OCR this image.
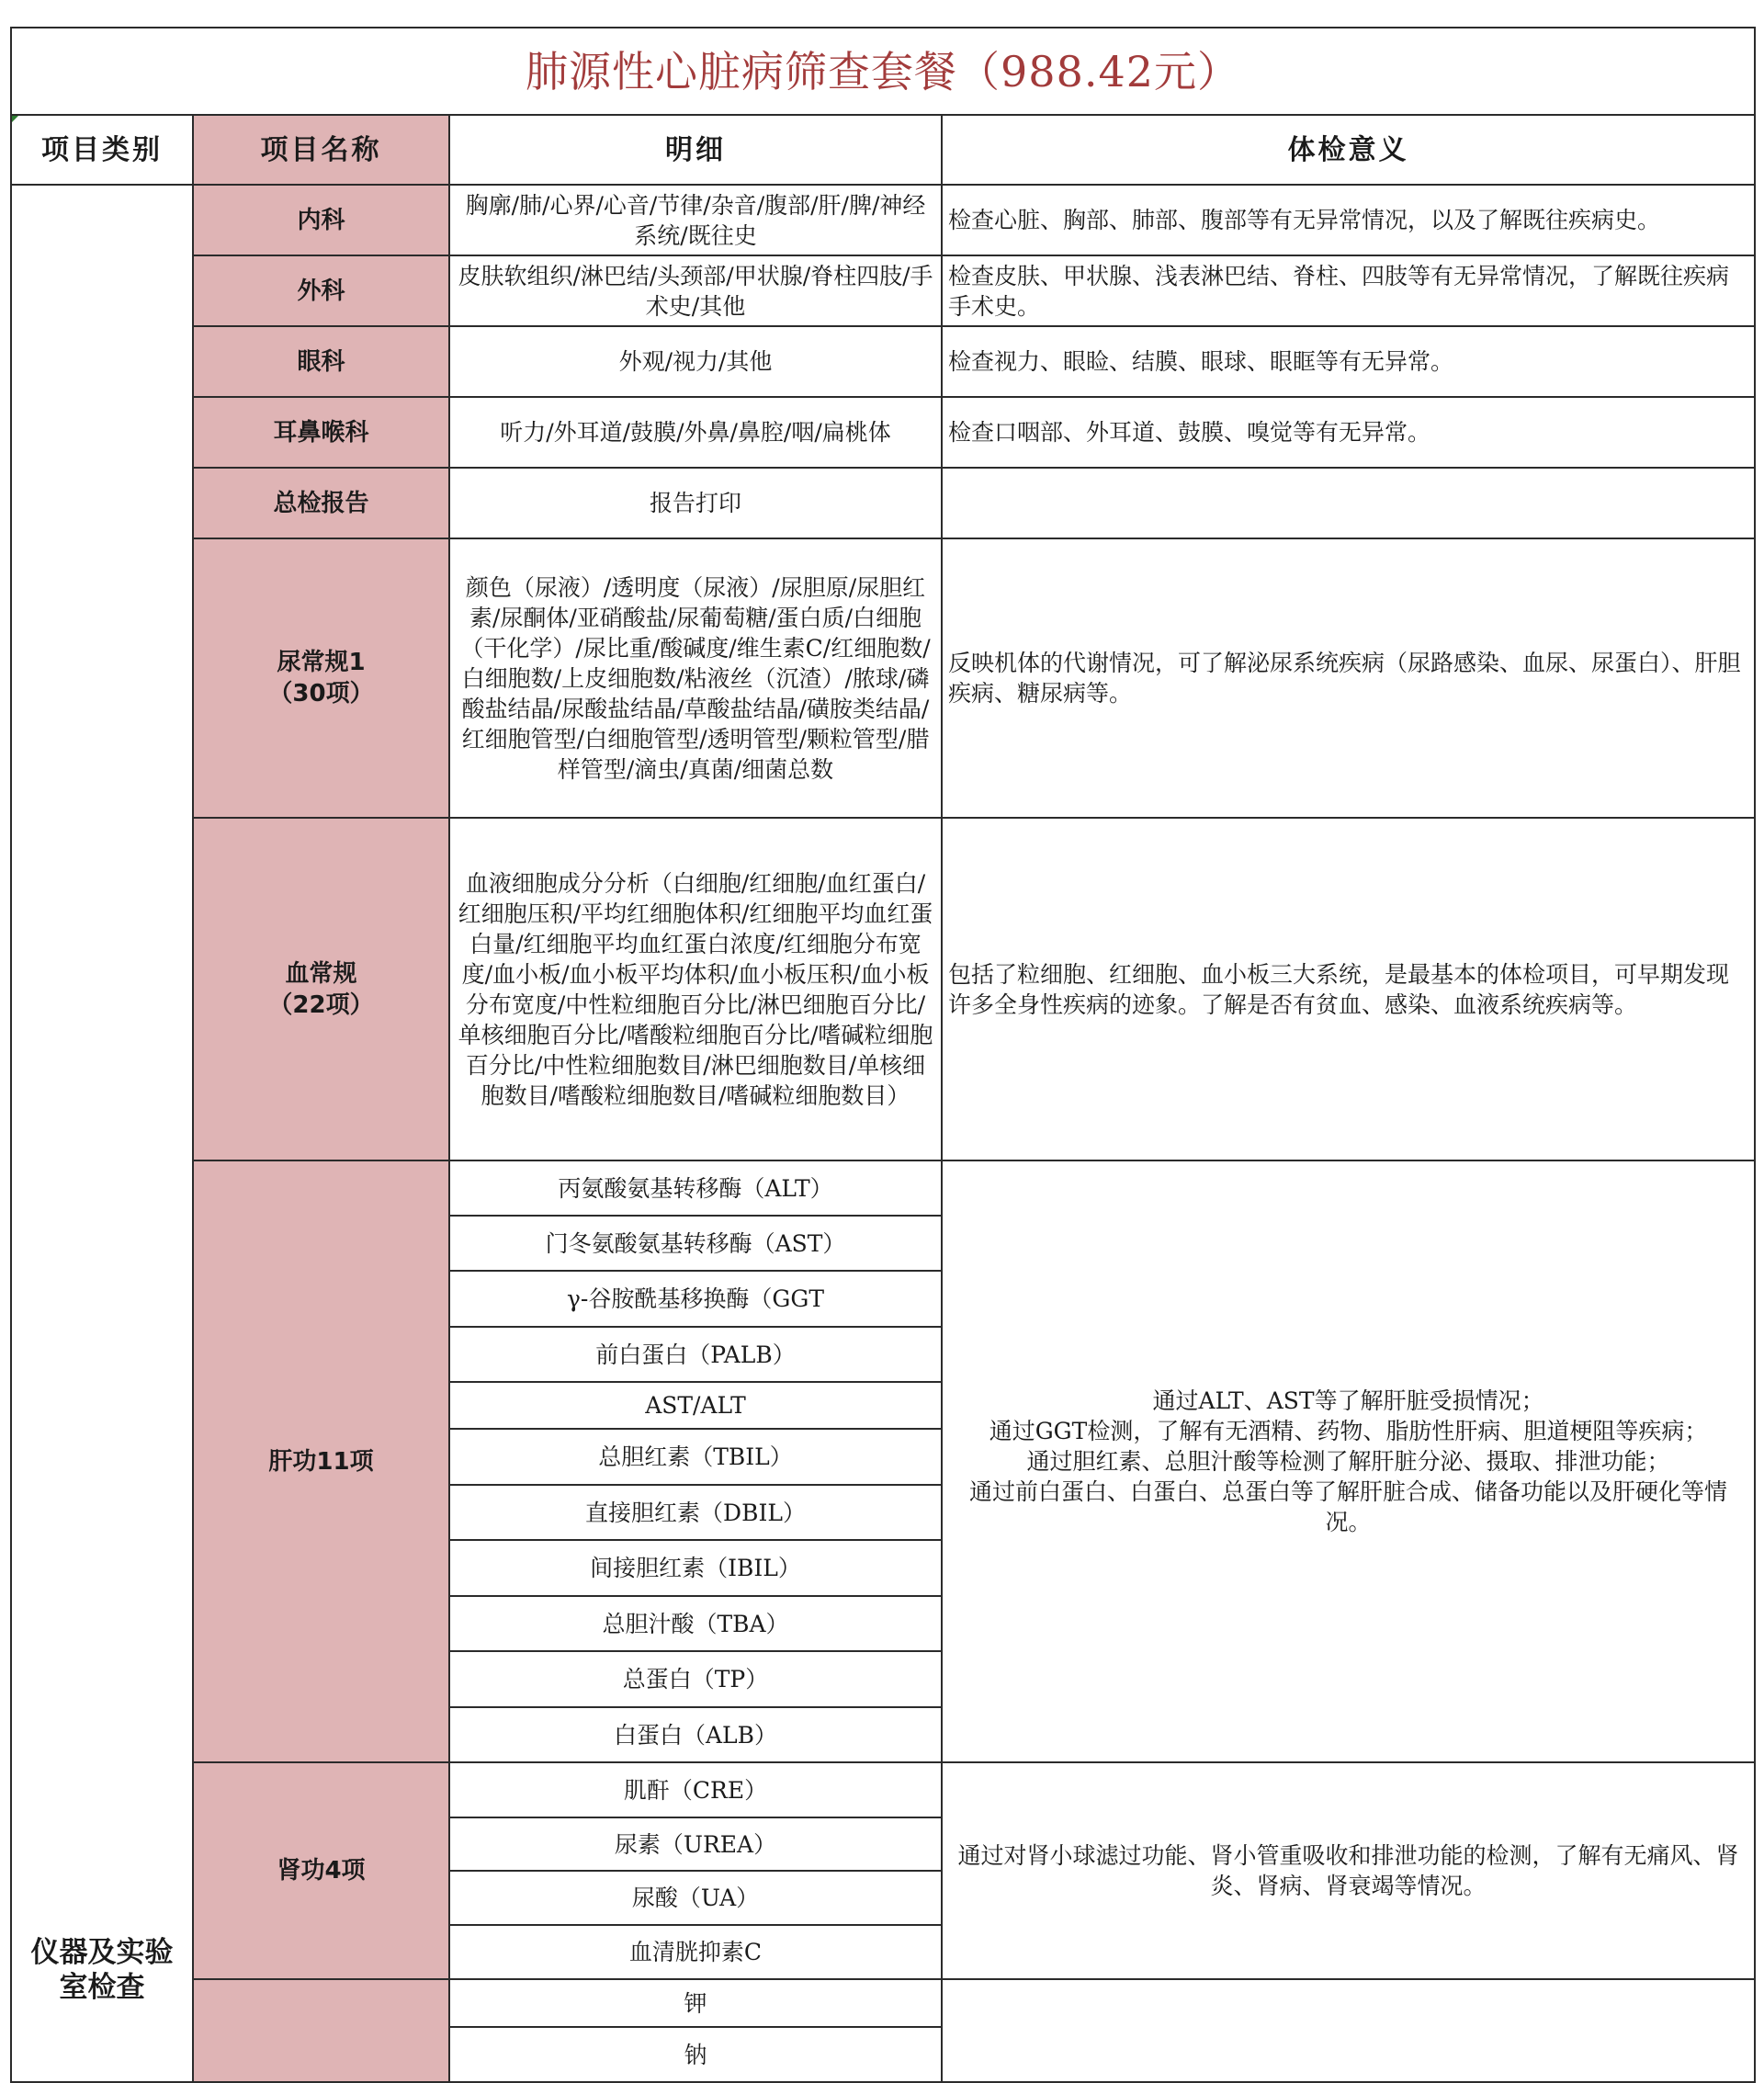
肺源性心脏病筛查套餐（988.42元）			
项目类别	项目名称	明细	体检意义
仪器及实验室检查	内科	胸廓/肺/心界/心音/节律/杂音/腹部/肝/脾/神经系统/既往史	检查心脏、胸部、肺部、腹部等有无异常情况，以及了解既往疾病史。
	外科	皮肤软组织/淋巴结/头颈部/甲状腺/脊柱四肢/手术史/其他	检查皮肤、甲状腺、浅表淋巴结、脊柱、四肢等有无异常情况，了解既往疾病手术史。
	眼科	外观/视力/其他	检查视力、眼睑、结膜、眼球、眼眶等有无异常。
	耳鼻喉科	听力/外耳道/鼓膜/外鼻/鼻腔/咽/扁桃体	检查口咽部、外耳道、鼓膜、嗅觉等有无异常。
	总检报告	报告打印	
	尿常规1
（30项）	颜色（尿液）/透明度（尿液）/尿胆原/尿胆红素/尿酮体/亚硝酸盐/尿葡萄糖/蛋白质/白细胞（干化学）/尿比重/酸碱度/维生素C/红细胞数/白细胞数/上皮细胞数/粘液丝（沉渣）/脓球/磷酸盐结晶/尿酸盐结晶/草酸盐结晶/磺胺类结晶/红细胞管型/白细胞管型/透明管型/颗粒管型/腊样管型/滴虫/真菌/细菌总数	反映机体的代谢情况，可了解泌尿系统疾病（尿路感染、血尿、尿蛋白）、肝胆疾病、糖尿病等。
	血常规
（22项）	血液细胞成分分析（白细胞/红细胞/血红蛋白/红细胞压积/平均红细胞体积/红细胞平均血红蛋白量/红细胞平均血红蛋白浓度/红细胞分布宽度/血小板/血小板平均体积/血小板压积/血小板分布宽度/中性粒细胞百分比/淋巴细胞百分比/单核细胞百分比/嗜酸粒细胞百分比/嗜碱粒细胞百分比/中性粒细胞数目/淋巴细胞数目/单核细胞数目/嗜酸粒细胞数目/嗜碱粒细胞数目）	包括了粒细胞、红细胞、血小板三大系统，是最基本的体检项目，可早期发现许多全身性疾病的迹象。了解是否有贫血、感染、血液系统疾病等。
	肝功11项	丙氨酸氨基转移酶（ALT）	通过ALT、AST等了解肝脏受损情况；
通过GGT检测，了解有无酒精、药物、脂肪性肝病、胆道梗阻等疾病；
通过胆红素、总胆汁酸等检测了解肝脏分泌、摄取、排泄功能；
通过前白蛋白、白蛋白、总蛋白等了解肝脏合成、储备功能以及肝硬化等情况。
		门冬氨酸氨基转移酶（AST）	
		γ-谷胺酰基移换酶（GGT	
		前白蛋白（PALB）	
		AST/ALT	
		总胆红素（TBIL）	
		直接胆红素（DBIL）	
		间接胆红素（IBIL）	
		总胆汁酸（TBA）	
		总蛋白（TP）	
		白蛋白（ALB）	
	肾功4项	肌酐（CRE）	通过对肾小球滤过功能、肾小管重吸收和排泄功能的检测，了解有无痛风、肾炎、肾病、肾衰竭等情况。
		尿素（UREA）	
		尿酸（UA）	
		血清胱抑素C	
		钾	
		钠	
